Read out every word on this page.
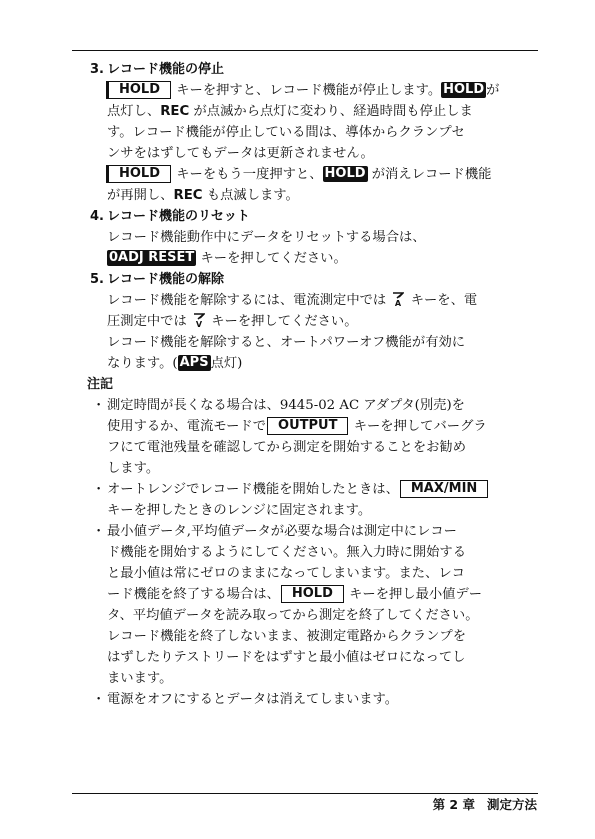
3. レコード機能の停止
HOLD キーを押すと、レコード機能が停止します。 HOLD が
点灯し、REC が点滅から点灯に変わり、経過時間も停止しま
す。レコード機能が停止している間は、導体からクランプセ
ンサをはずしてもデータは更新されません。
HOLD キーをもう一度押すと、 HOLD が消えレコード機能
が再開し、REC も点滅します。
4. レコード機能のリセット
レコード機能動作中にデータをリセットする場合は、
0ADJ RESET キーを押してください。
5. レコード機能の解除
レコード機能を解除するには、電流測定中では A キーを、電
圧測定中では V キーを押してください。
レコード機能を解除すると、オートパワーオフ機能が有効に
なります。( APS 点灯)
注記
・ 測定時間が長くなる場合は、9445-02 AC アダプタ(別売)を
使用するか、電流モードで OUTPUT キーを押してバーグラ
フにて電池残量を確認してから測定を開始することをお勧め
します。
・ オートレンジでレコード機能を開始したときは、 MAX/MIN
キーを押したときのレンジに固定されます。
・ 最小値データ,平均値データが必要な場合は測定中にレコー
ド機能を開始するようにしてください。無入力時に開始する
と最小値は常にゼロのままになってしまいます。また、レコ
ード機能を終了する場合は、 HOLD キーを押し最小値デー
タ、平均値データを読み取ってから測定を終了してください。
レコード機能を終了しないまま、被測定電路からクランプを
はずしたりテストリードをはずすと最小値はゼロになってし
まいます。
・ 電源をオフにするとデータは消えてしまいます。
第 2 章 測定方法
